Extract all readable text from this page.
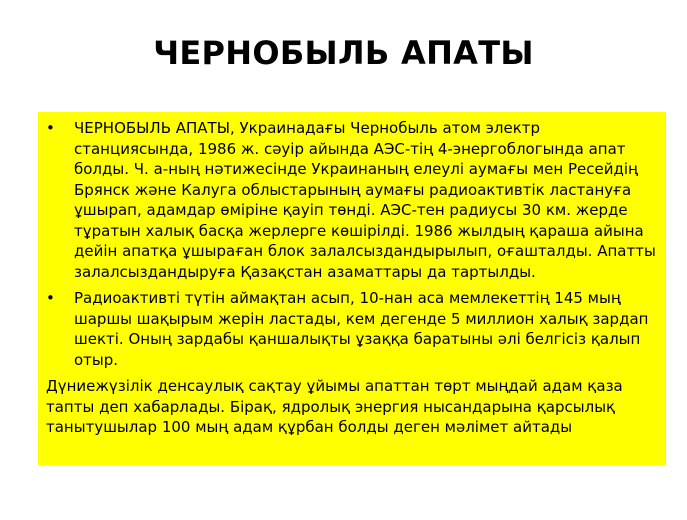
ЧЕРНОБЫЛЬ АПАТЫ
•	ЧЕРНОБЫЛЬ АПАТЫ, Украинадағы Чернобыль атом электр станциясында, 1986 ж. сәуір айында АЭС-тің 4-энергоблогында апат болды. Ч. а-ның нәтижесінде Украинаның елеулі аумағы мен Ресейдің Брянск және Калуга облыстарының аумағы радиоактивтік ластануға ұшырап, адамдар өміріне қауіп төнді. АЭС-тен радиусы 30 км. жерде тұратын халық басқа жерлерге көшірілді. 1986 жылдың қараша айына дейін апатқа ұшыраған блок залалсыздандырылып, оғашталды. Апатты залалсыздандыруға Қазақстан азаматтары да тартылды.
•	Радиоактивті түтін аймақтан асып, 10-нан аса мемлекеттің 145 мың шаршы шақырым жерін ластады, кем дегенде 5 миллион халық зардап шекті. Оның зардабы қаншалықты ұзаққа баратыны әлі белгісіз қалып отыр.

Дүниежүзілік денсаулық сақтау ұйымы апаттан төрт мыңдай адам қаза тапты деп хабарлады. Бірақ, ядролық энергия нысандарына қарсылық танытушылар 100 мың адам құрбан болды деген мәлімет айтады
